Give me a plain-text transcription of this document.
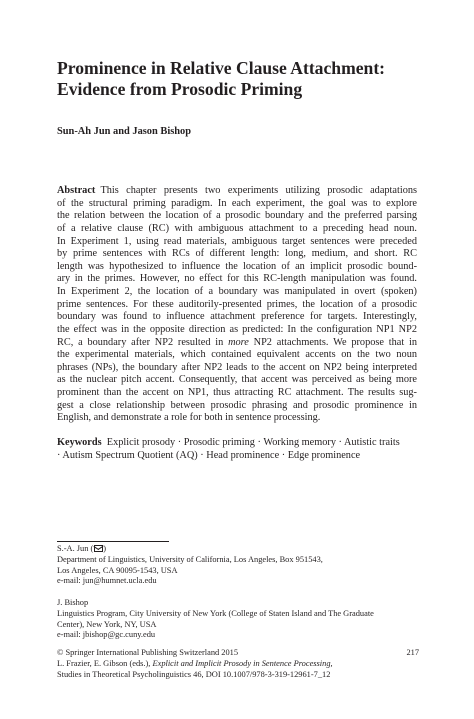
Prominence in Relative Clause Attachment:
Evidence from Prosodic Priming

Sun-Ah Jun and Jason Bishop

Abstract  This chapter presents two experiments utilizing prosodic adaptations
of the structural priming paradigm. In each experiment, the goal was to explore
the relation between the location of a prosodic boundary and the preferred parsing
of a relative clause (RC) with ambiguous attachment to a preceding head noun.
In Experiment 1, using read materials, ambiguous target sentences were preceded
by prime sentences with RCs of different length: long, medium, and short. RC
length was hypothesized to influence the location of an implicit prosodic bound-
ary in the primes. However, no effect for this RC-length manipulation was found.
In Experiment 2, the location of a boundary was manipulated in overt (spoken)
prime sentences. For these auditorily-presented primes, the location of a prosodic
boundary was found to influence attachment preference for targets. Interestingly,
the effect was in the opposite direction as predicted: In the configuration NP1 NP2
RC, a boundary after NP2 resulted in more NP2 attachments. We propose that in
the experimental materials, which contained equivalent accents on the two noun
phrases (NPs), the boundary after NP2 leads to the accent on NP2 being interpreted
as the nuclear pitch accent. Consequently, that accent was perceived as being more
prominent than the accent on NP1, thus attracting RC attachment. The results sug-
gest a close relationship between prosodic phrasing and prosodic prominence in
English, and demonstrate a role for both in sentence processing.
Keywords  Explicit prosody · Prosodic priming · Working memory · Autistic traits
· Autism Spectrum Quotient (AQ) · Head prominence · Edge prominence
S.-A. Jun ( )
Department of Linguistics, University of California, Los Angeles, Box 951543,
Los Angeles, CA 90095-1543, USA
e-mail: jun@humnet.ucla.edu
J. Bishop
Linguistics Program, City University of New York (College of Staten Island and The Graduate
Center), New York, NY, USA
e-mail: jbishop@gc.cuny.edu
© Springer International Publishing Switzerland 2015	217
L. Frazier, E. Gibson (eds.), Explicit and Implicit Prosody in Sentence Processing,
Studies in Theoretical Psycholinguistics 46, DOI 10.1007/978-3-319-12961-7_12
